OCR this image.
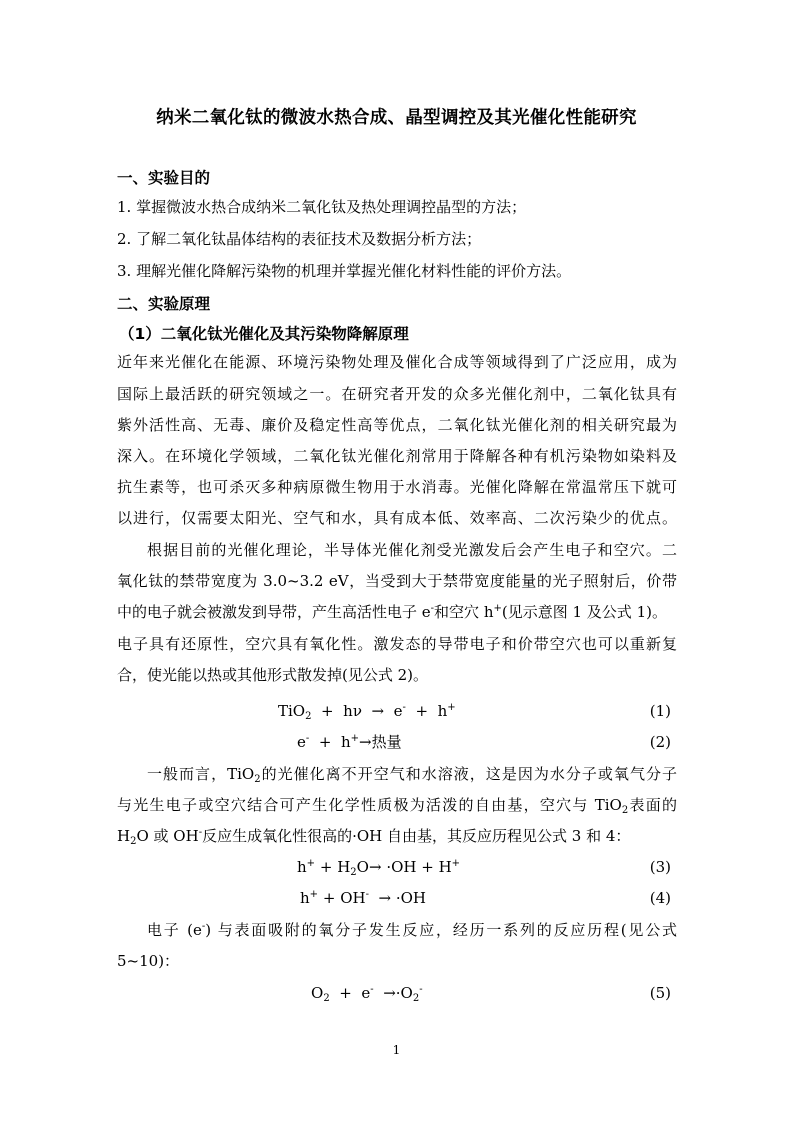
纳米二氧化钛的微波水热合成、晶型调控及其光催化性能研究
一、实验目的
1. 掌握微波水热合成纳米二氧化钛及热处理调控晶型的方法；
2. 了解二氧化钛晶体结构的表征技术及数据分析方法；
3. 理解光催化降解污染物的机理并掌握光催化材料性能的评价方法。
二、实验原理
（1）二氧化钛光催化及其污染物降解原理
近年来光催化在能源、环境污染物处理及催化合成等领域得到了广泛应用，成为
国际上最活跃的研究领域之一。在研究者开发的众多光催化剂中，二氧化钛具有
紫外活性高、无毒、廉价及稳定性高等优点，二氧化钛光催化剂的相关研究最为
深入。在环境化学领域，二氧化钛光催化剂常用于降解各种有机污染物如染料及
抗生素等，也可杀灭多种病原微生物用于水消毒。光催化降解在常温常压下就可
以进行，仅需要太阳光、空气和水，具有成本低、效率高、二次污染少的优点。
根据目前的光催化理论，半导体光催化剂受光激发后会产生电子和空穴。二
氧化钛的禁带宽度为 3.0~3.2 eV，当受到大于禁带宽度能量的光子照射后，价带
中的电子就会被激发到导带，产生高活性电子 e-和空穴 h+(见示意图 1 及公式 1)。
电子具有还原性，空穴具有氧化性。激发态的导带电子和价带空穴也可以重新复
合，使光能以热或其他形式散发掉(见公式 2)。
TiO$_2$ + hν → e- + h+	(1)
e- + h+→热量	(2)
一般而言，TiO$_2$的光催化离不开空气和水溶液，这是因为水分子或氧气分子
与光生电子或空穴结合可产生化学性质极为活泼的自由基，空穴与 TiO$_2$表面的
$H_2O$ 或 OH-反应生成氧化性很高的·OH 自由基，其反应历程见公式 3 和 4：
$h^+ + H_2O\to \cdot OH + H^+$	(3)
h+ + OH- → ·OH	(4)
电子 (e-) 与表面吸附的氧分子发生反应，经历一系列的反应历程(见公式
5~10)：
$O_2 + e^- \to\cdot O_2^-$	(5)
1
